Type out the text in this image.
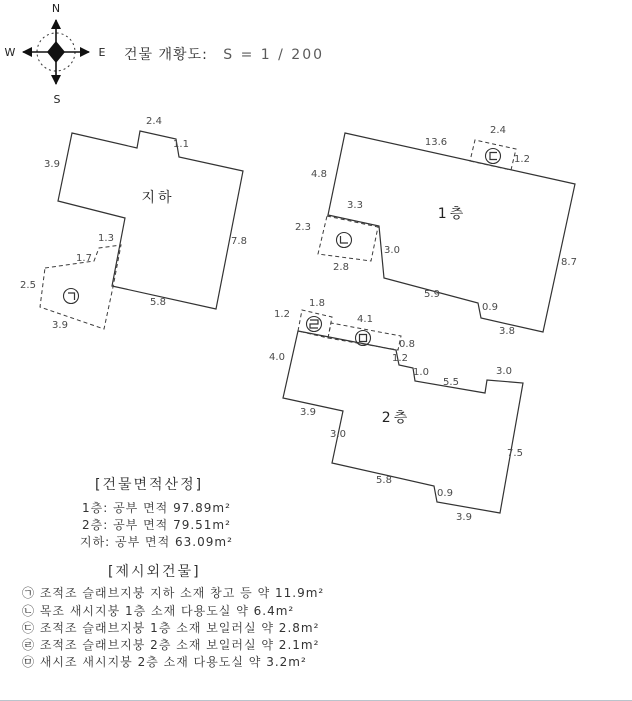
지하
2.4
1.1
3.9
7.8
5.8
1층
13.6
4.8
8.7
5.9
0.9
3.8
3.0
3.3
2층
1.2
1.0
5.5
3.0
4.0
3.9
3.0
5.8
0.9
3.9
7.5
1.3
1.7
2.5
3.9
2.3
2.8
2.4
1.2
1.8
1.2	4.1
0.8
N
S
W	E 건물 개황도: S = 1 / 200
[건물면적산정]
1층: 공부 면적 97.89m²
2층: 공부 면적 79.51m²
지하: 공부 면적 63.09m²
[제시외건물]
㉠ 조적조 슬래브지붕 지하 소재 창고 등 약 11.9m²
㉡ 목조 새시지붕 1층 소재 다용도실 약 6.4m²
㉢ 조적조 슬래브지붕 1층 소재 보일러실 약 2.8m²
㉣ 조적조 슬래브지붕 2층 소재 보일러실 약 2.1m²
㉤ 새시조 새시지붕 2층 소재 다용도실 약 3.2m²
